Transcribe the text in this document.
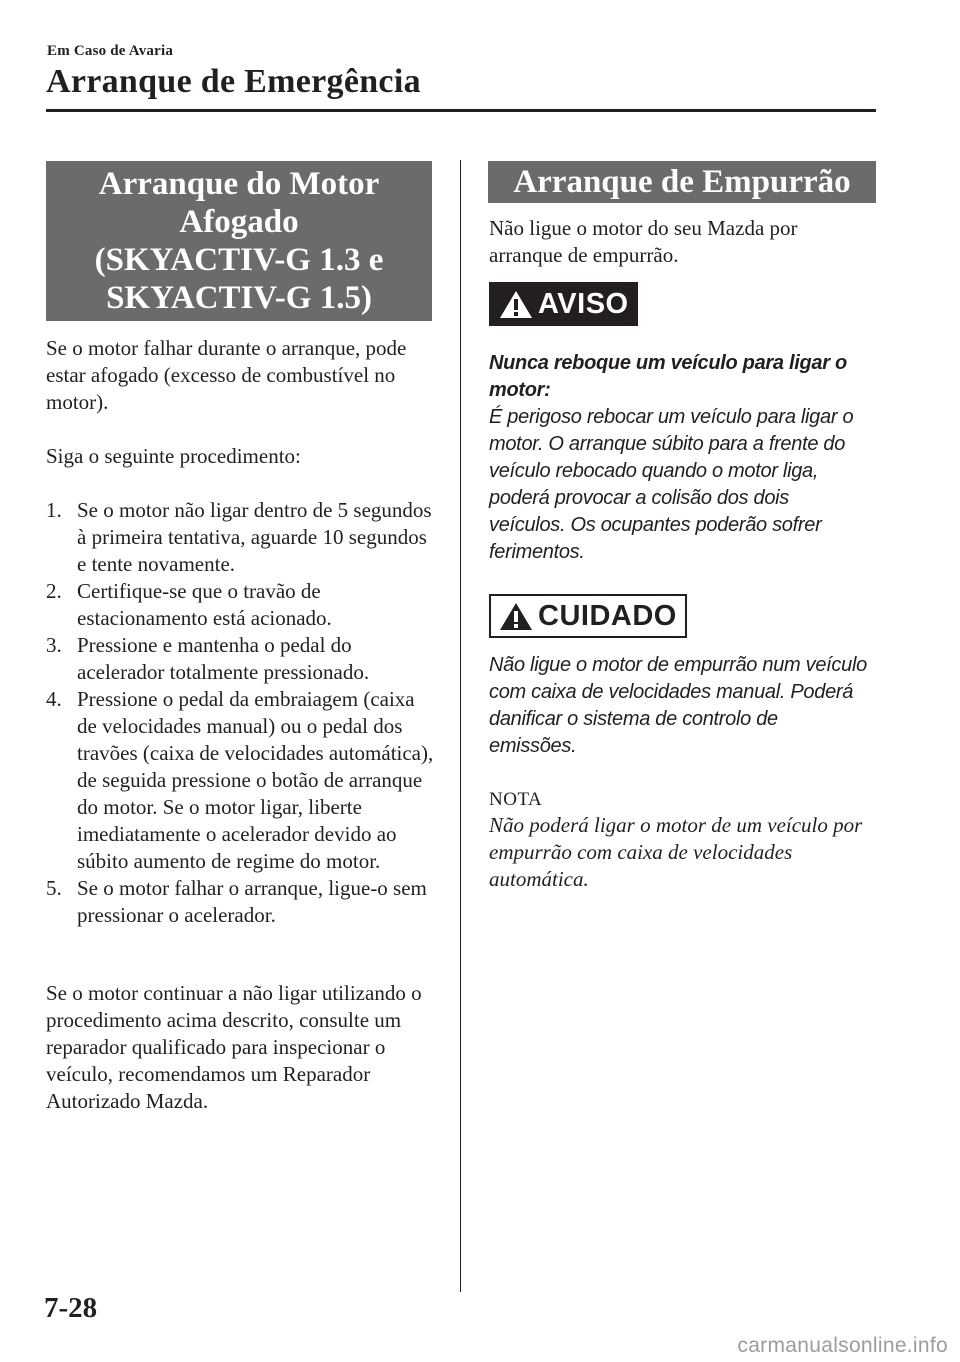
Em Caso de Avaria
Arranque de Emergência
Arranque do Motor
Afogado
(SKYACTIV-G 1.3 e
SKYACTIV-G 1.5)

Se o motor falhar durante o arranque, pode estar afogado (excesso de combustível no motor).

Siga o seguinte procedimento:

1. Se o motor não ligar dentro de 5 segundos à primeira tentativa, aguarde 10 segundos e tente novamente.
2. Certifique-se que o travão de estacionamento está acionado.
3. Pressione e mantenha o pedal do acelerador totalmente pressionado.
4. Pressione o pedal da embraiagem (caixa de velocidades manual) ou o pedal dos travões (caixa de velocidades automática), de seguida pressione o botão de arranque do motor. Se o motor ligar, liberte imediatamente o acelerador devido ao súbito aumento de regime do motor.
5. Se o motor falhar o arranque, ligue-o sem pressionar o acelerador.

Se o motor continuar a não ligar utilizando o procedimento acima descrito, consulte um reparador qualificado para inspecionar o veículo, recomendamos um Reparador Autorizado Mazda.

Arranque de Empurrão

Não ligue o motor do seu Mazda por arranque de empurrão.

AVISO

Nunca reboque um veículo para ligar o motor:

É perigoso rebocar um veículo para ligar o motor. O arranque súbito para a frente do veículo rebocado quando o motor liga, poderá provocar a colisão dos dois veículos. Os ocupantes poderão sofrer ferimentos.

CUIDADO

Não ligue o motor de empurrão num veículo com caixa de velocidades manual. Poderá danificar o sistema de controlo de emissões.

NOTA

Não poderá ligar o motor de um veículo por empurrão com caixa de velocidades automática.

7-28
carmanualsonline.info
